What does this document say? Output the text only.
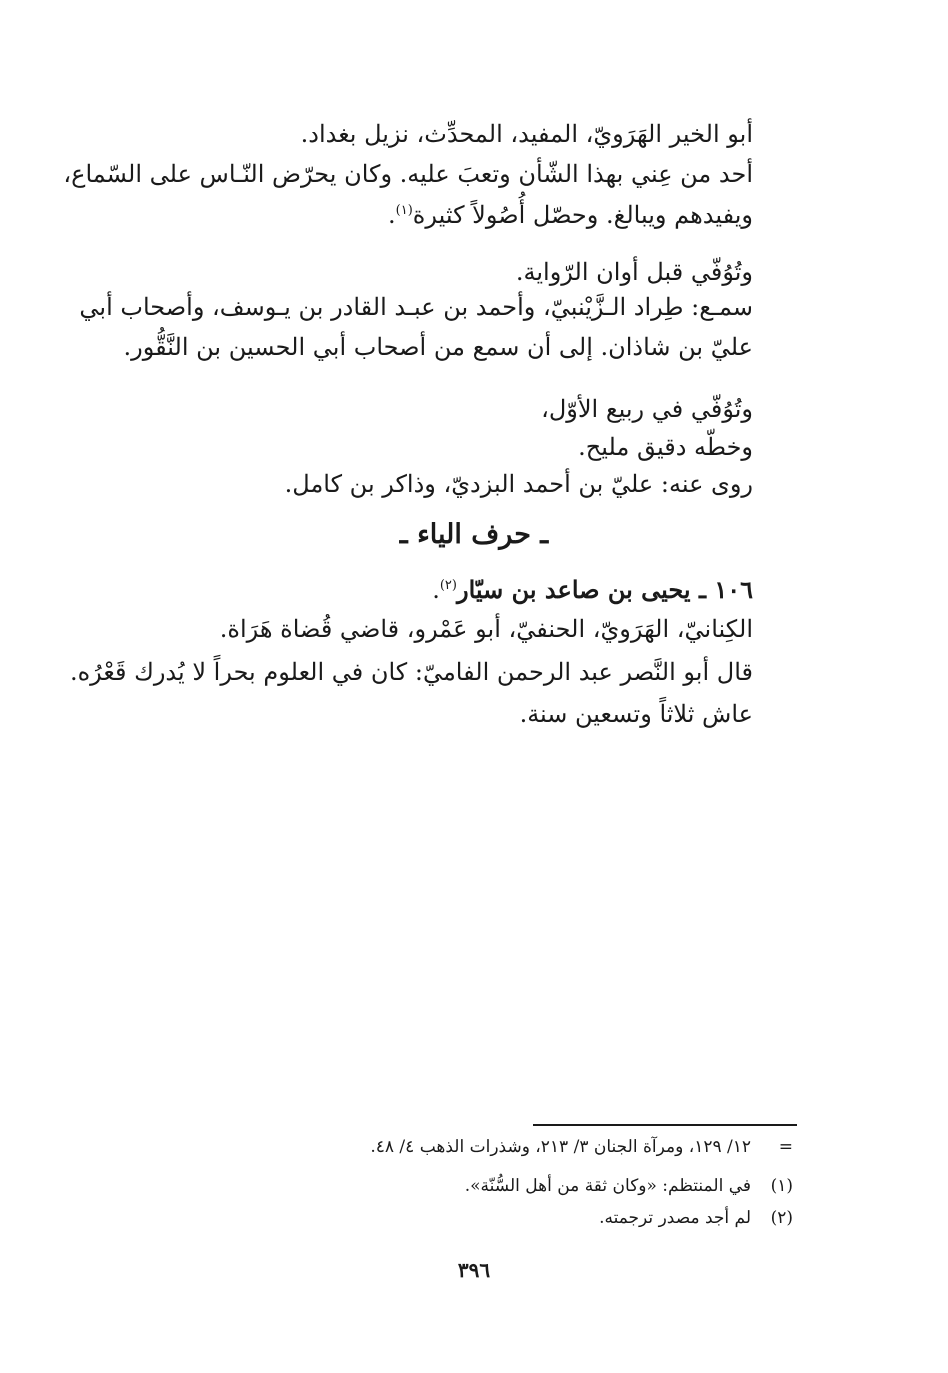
أبو الخير الهَرَويّ، المفيد، المحدِّث، نزيل بغداد.
أحد من عِني بهذا الشّأن وتعبَ عليه. وكان يحرّض النّـاس على السّماع،
ويفيدهم ويبالغ. وحصّل أُصُولاً كثيرة$^{(١)}$.
وتُوُفّي قبل أوان الرّواية.
سمـع: طِراد الـزَّيْنبيّ، وأحمد بن عبـد القادر بن يـوسف، وأصحاب أبي
عليّ بن شاذان. إلى أن سمع من أصحاب أبي الحسين بن النَّقُّور.
وتُوُفّي في ربيع الأوّل،
وخطّه دقيق مليح.
روى عنه: عليّ بن أحمد البزديّ، وذاكر بن كامل.
ـ حرف الياء ـ
١٠٦ ـ يحيى بن صاعد بن سيّار$^{(٢)}$.
الكِنانيّ، الهَرَويّ، الحنفيّ، أبو عَمْرو، قاضي قُضاة هَرَاة.
قال أبو النَّصر عبد الرحمن الفاميّ: كان في العلوم بحراً لا يُدرك قَعْرُه.
عاش ثلاثاً وتسعين سنة.
=١٢/ ١٢٩، ومرآة الجنان ٣/ ٢١٣، وشذرات الذهب ٤/ ٤٨.
(١)في المنتظم: «وكان ثقة من أهل السُّنّة».
(٢)لم أجد مصدر ترجمته.
٣٩٦
